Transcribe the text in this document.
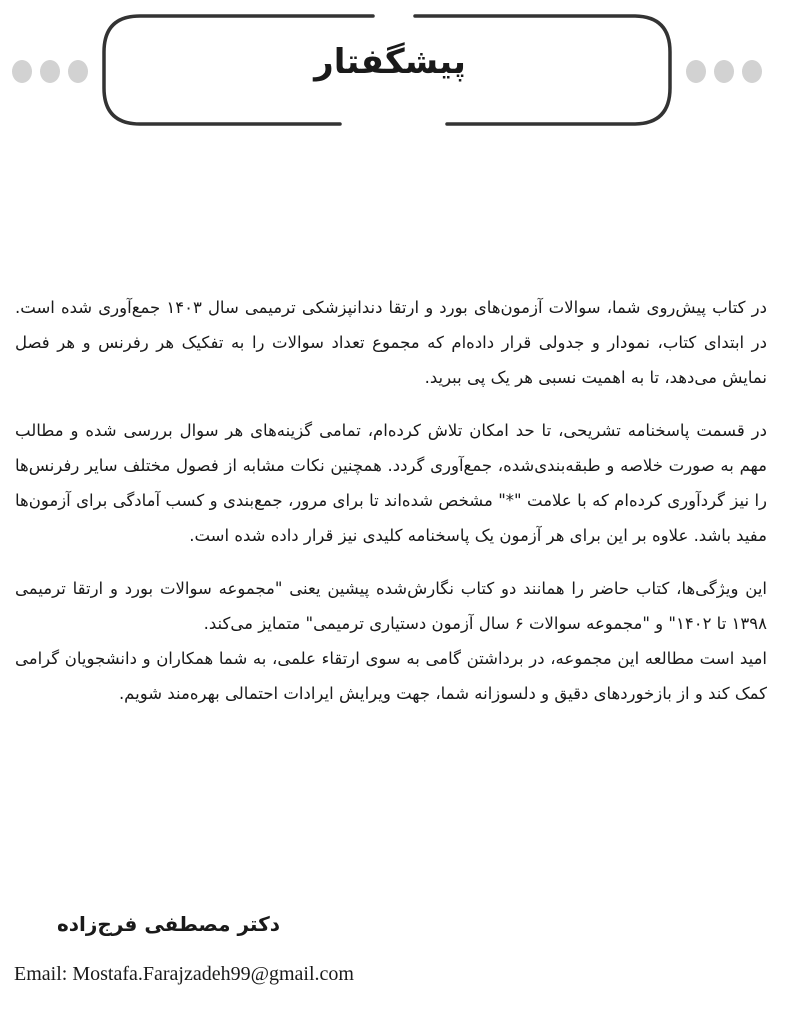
پیشگفتار

در کتاب پیش‌روی شما، سوالات آزمون‌های بورد و ارتقا دندانپزشکی ترمیمی سال ۱۴۰۳ جمع‌آوری شده است. در ابتدای کتاب، نمودار و جدولی قرار داده‌ام که مجموع تعداد سوالات را به تفکیک هر رفرنس و هر فصل نمایش می‌دهد، تا به اهمیت نسبی هر یک پی ببرید.

در قسمت پاسخنامه تشریحی، تا حد امکان تلاش کرده‌ام، تمامی گزینه‌های هر سوال بررسی شده و مطالب مهم به صورت خلاصه و طبقه‌بندی‌شده، جمع‌آوری گردد. همچنین نکات مشابه از فصول مختلف سایر رفرنس‌ها را نیز گردآوری کرده‌ام که با علامت "*" مشخص شده‌اند تا برای مرور، جمع‌بندی و کسب آمادگی برای آزمون‌ها مفید باشد. علاوه بر این برای هر آزمون یک پاسخنامه کلیدی نیز قرار داده شده است.

این ویژگی‌ها، کتاب حاضر را همانند دو کتاب نگارش‌شده پیشین یعنی "مجموعه سوالات بورد و ارتقا ترمیمی ۱۳۹۸ تا ۱۴۰۲" و "مجموعه سوالات ۶ سال آزمون دستیاری ترمیمی" متمایز می‌کند.

امید است مطالعه این مجموعه، در برداشتن گامی به سوی ارتقاء علمی، به شما همکاران و دانشجویان گرامی کمک کند و از بازخوردهای دقیق و دلسوزانه شما، جهت ویرایش ایرادات احتمالی بهره‌مند شویم.

دکتر مصطفی فرج‌زاده
Email: Mostafa.Farajzadeh99@gmail.com
